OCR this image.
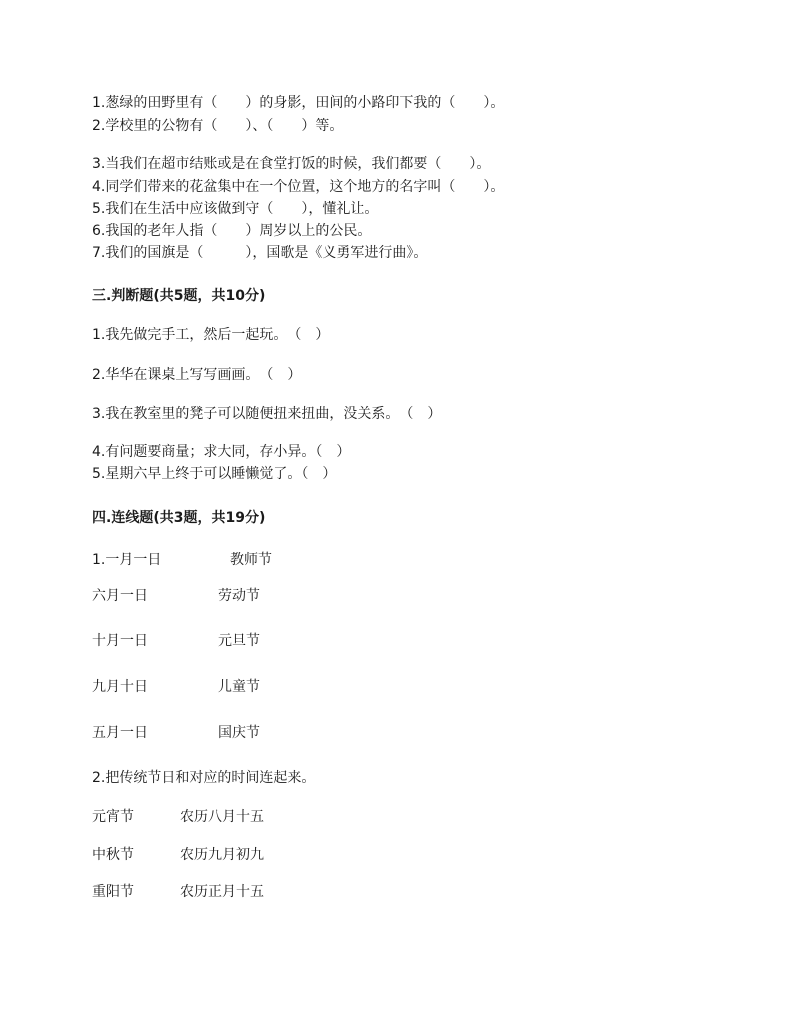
1.葱绿的田野里有（　　）的身影，田间的小路印下我的（　　）。
2.学校里的公物有（　　）、（　　）等。
3.当我们在超市结账或是在食堂打饭的时候，我们都要（　　）。
4.同学们带来的花盆集中在一个位置，这个地方的名字叫（　　）。
5.我们在生活中应该做到守（　　），懂礼让。
6.我国的老年人指（　　）周岁以上的公民。
7.我们的国旗是（　　　），国歌是《义勇军进行曲》。
三.判断题(共5题，共10分)
1.我先做完手工，然后一起玩。　（　）
2.华华在课桌上写写画画。　（　）
3.我在教室里的凳子可以随便扭来扭曲，没关系。　（　）
4.有问题要商量；求大同，存小异。（　）
5.星期六早上终于可以睡懒觉了。（　）
四.连线题(共3题，共19分)
1.一月一日	教师节
六月一日	劳动节
十月一日	元旦节
九月十日	儿童节
五月一日	国庆节
2.把传统节日和对应的时间连起来。
元宵节	农历八月十五
中秋节	农历九月初九
重阳节	农历正月十五
